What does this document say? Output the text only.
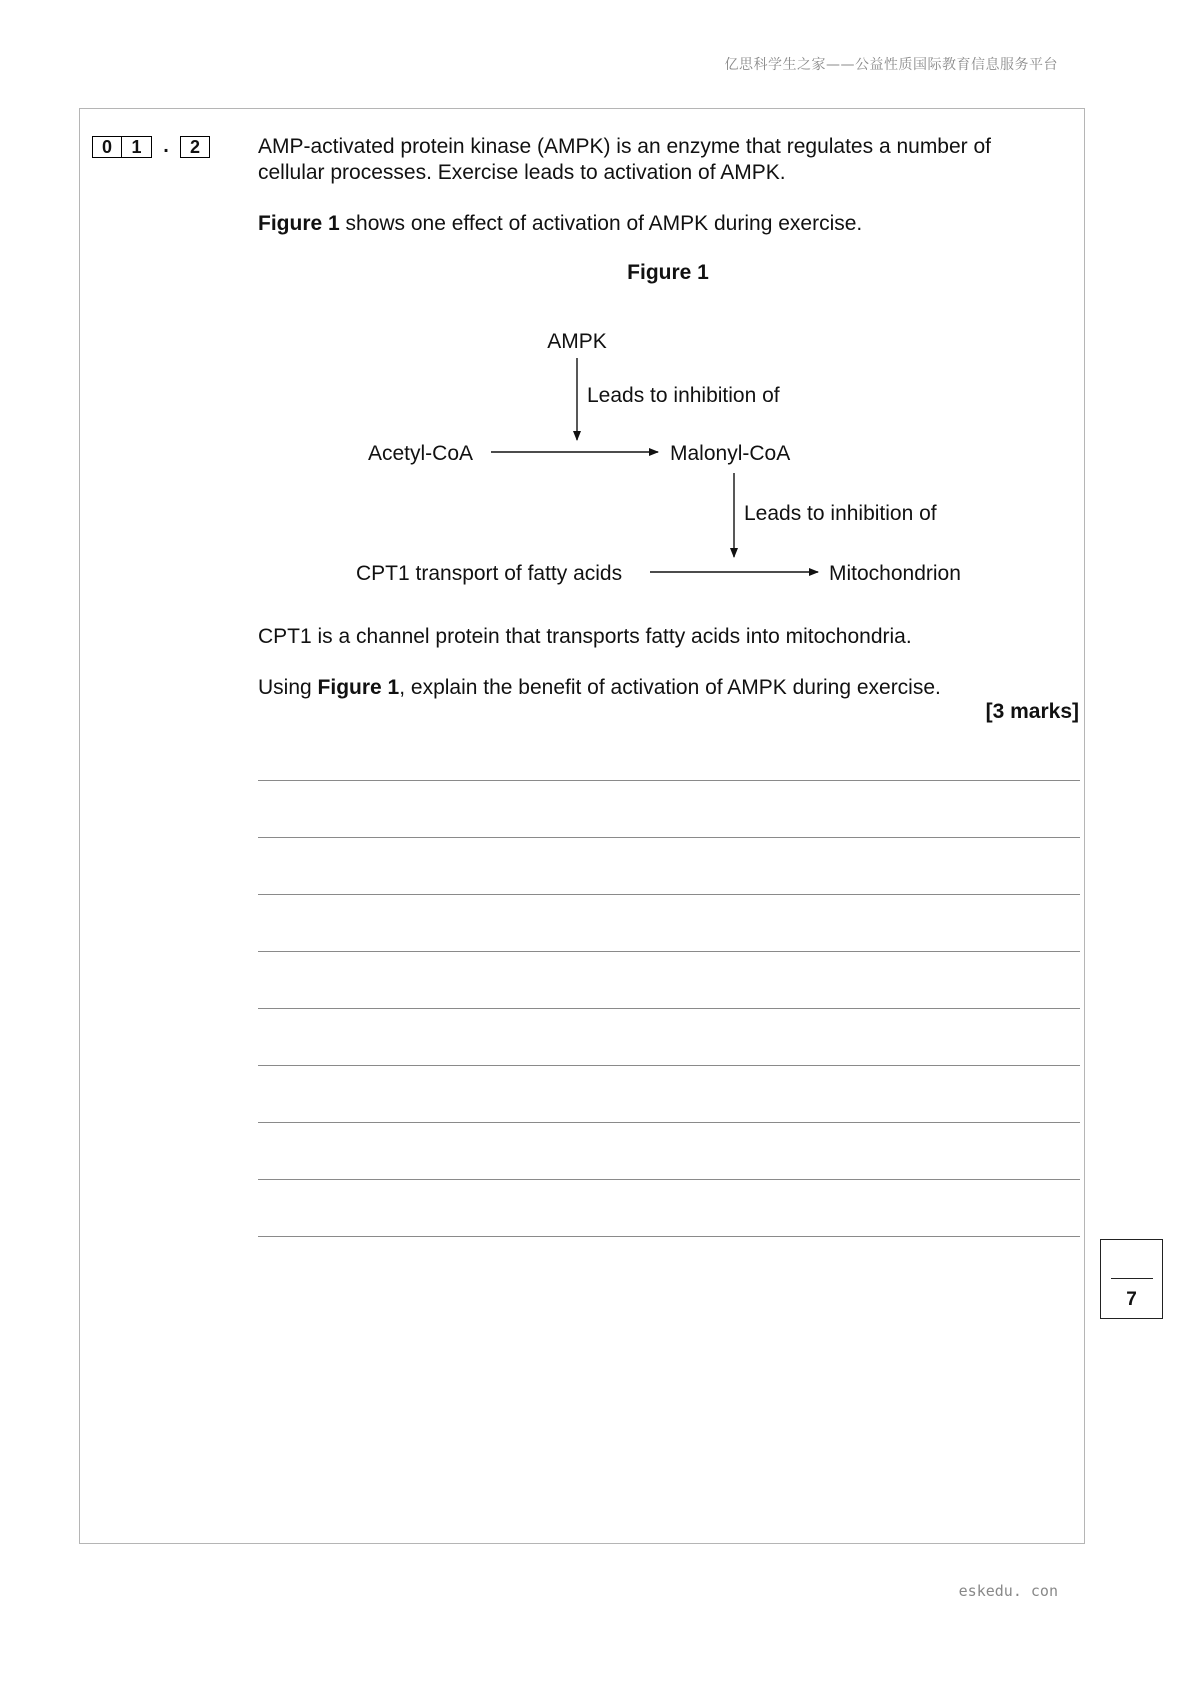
亿思科学生之家——公益性质国际教育信息服务平台
0	1	.	2	AMP-activated protein kinase (AMPK) is an enzyme that regulates a number of cellular processes. Exercise leads to activation of AMPK.

Figure 1 shows one effect of activation of AMPK during exercise.

Figure 1
AMPK
Leads to inhibition of
Acetyl-CoA	Malonyl-CoA
Leads to inhibition of
CPT1 transport of fatty acids	Mitochondrion

CPT1 is a channel protein that transports fatty acids into mitochondria.

Using Figure 1, explain the benefit of activation of AMPK during exercise.

[3 marks]
7
eskedu. con
